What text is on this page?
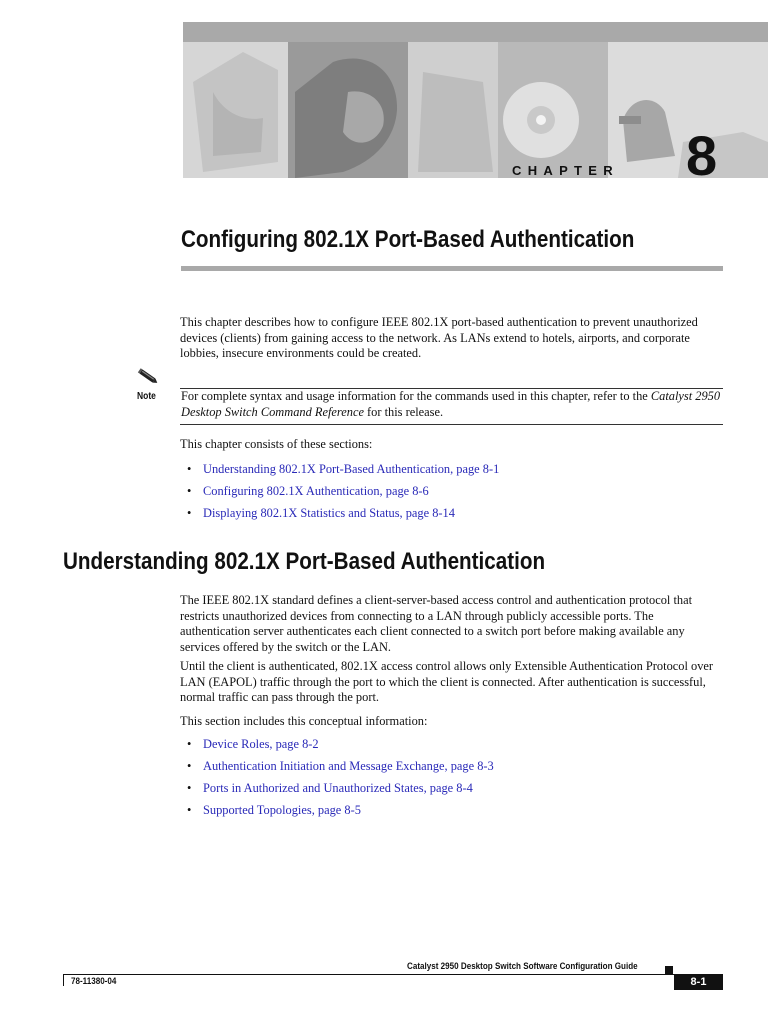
CHAPTER 8
Configuring 802.1X Port-Based Authentication
This chapter describes how to configure IEEE 802.1X port-based authentication to prevent unauthorized devices (clients) from gaining access to the network. As LANs extend to hotels, airports, and corporate lobbies, insecure environments could be created.
Note For complete syntax and usage information for the commands used in this chapter, refer to the Catalyst 2950 Desktop Switch Command Reference for this release.
This chapter consists of these sections:
• Understanding 802.1X Port-Based Authentication, page 8-1
• Configuring 802.1X Authentication, page 8-6
• Displaying 802.1X Statistics and Status, page 8-14
Understanding 802.1X Port-Based Authentication
The IEEE 802.1X standard defines a client-server-based access control and authentication protocol that restricts unauthorized devices from connecting to a LAN through publicly accessible ports. The authentication server authenticates each client connected to a switch port before making available any services offered by the switch or the LAN.
Until the client is authenticated, 802.1X access control allows only Extensible Authentication Protocol over LAN (EAPOL) traffic through the port to which the client is connected. After authentication is successful, normal traffic can pass through the port.
This section includes this conceptual information:
• Device Roles, page 8-2
• Authentication Initiation and Message Exchange, page 8-3
• Ports in Authorized and Unauthorized States, page 8-4
• Supported Topologies, page 8-5
Catalyst 2950 Desktop Switch Software Configuration Guide
78-11380-04	8-1
